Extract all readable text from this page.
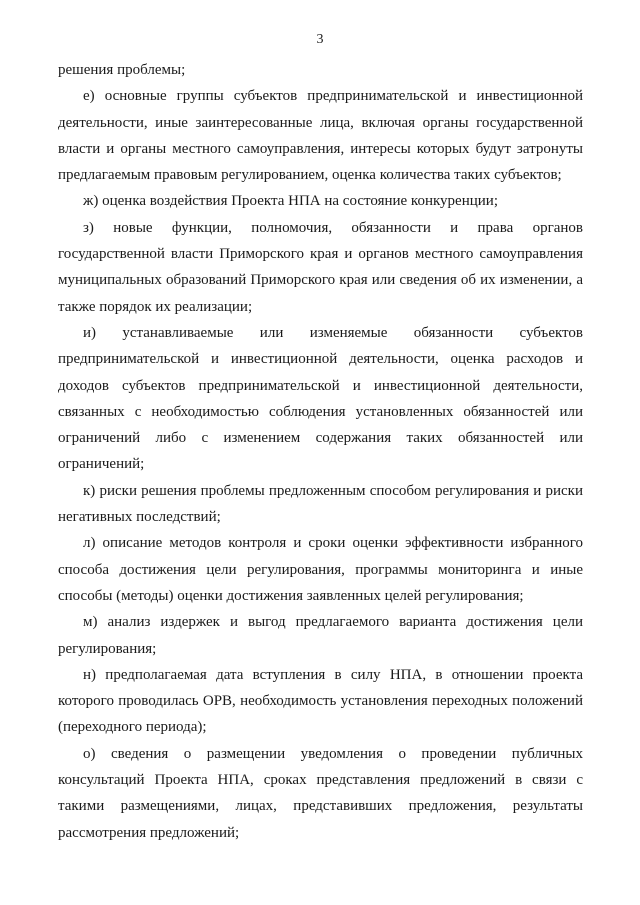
3

решения проблемы;

е) основные группы субъектов предпринимательской и инвестиционной деятельности, иные заинтересованные лица, включая органы государственной власти и органы местного самоуправления, интересы которых будут затронуты предлагаемым правовым регулированием, оценка количества таких субъектов;

ж) оценка воздействия Проекта НПА на состояние конкуренции;

з) новые функции, полномочия, обязанности и права органов государственной власти Приморского края и органов местного самоуправления муниципальных образований Приморского края или сведения об их изменении, а также порядок их реализации;

и) устанавливаемые или изменяемые обязанности субъектов предпринимательской и инвестиционной деятельности, оценка расходов и доходов субъектов предпринимательской и инвестиционной деятельности, связанных с необходимостью соблюдения установленных обязанностей или ограничений либо с изменением содержания таких обязанностей или ограничений;

к) риски решения проблемы предложенным способом регулирования и риски негативных последствий;

л) описание методов контроля и сроки оценки эффективности избранного способа достижения цели регулирования, программы мониторинга и иные способы (методы) оценки достижения заявленных целей регулирования;

м) анализ издержек и выгод предлагаемого варианта достижения цели регулирования;

н) предполагаемая дата вступления в силу НПА, в отношении проекта которого проводилась ОРВ, необходимость установления переходных положений (переходного периода);

о) сведения о размещении уведомления о проведении публичных консультаций Проекта НПА, сроках представления предложений в связи с такими размещениями, лицах, представивших предложения, результаты рассмотрения предложений;
